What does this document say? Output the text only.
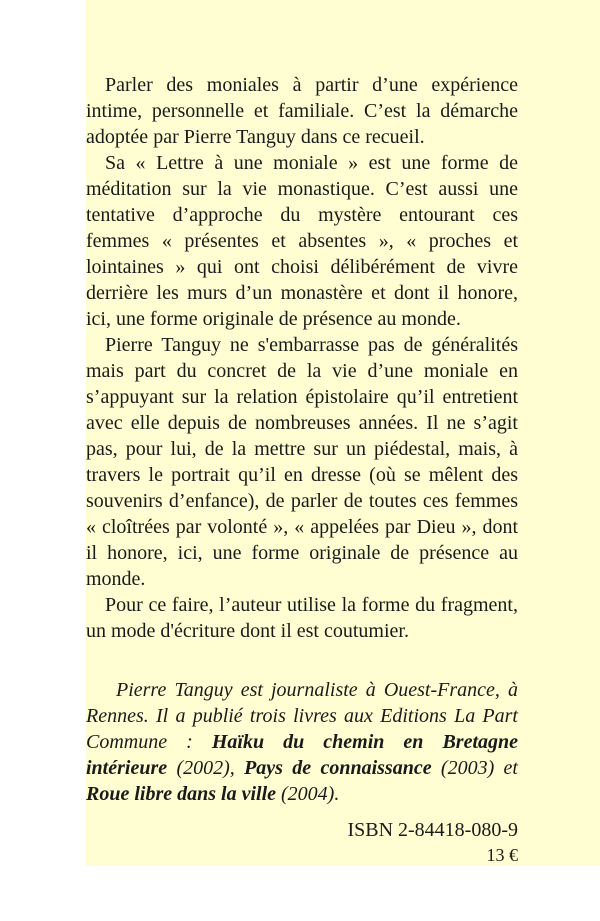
Parler des moniales à partir d’une expérience intime, personnelle et familiale. C’est la démarche adoptée par Pierre Tanguy dans ce recueil.

Sa « Lettre à une moniale » est une forme de méditation sur la vie monastique. C’est aussi une tentative d’approche du mystère entourant ces femmes « présentes et absentes », « proches et lointaines » qui ont choisi délibérément de vivre derrière les murs d’un monastère et dont il honore, ici, une forme originale de présence au monde.

Pierre Tanguy ne s'embarrasse pas de généralités mais part du concret de la vie d’une moniale en s’appuyant sur la relation épistolaire qu’il entretient avec elle depuis de nombreuses années. Il ne s’agit pas, pour lui, de la mettre sur un piédestal, mais, à travers le portrait qu’il en dresse (où se mêlent des souvenirs d’enfance), de parler de toutes ces femmes « cloîtrées par volonté », « appelées par Dieu », dont il honore, ici, une forme originale de présence au monde.

Pour ce faire, l’auteur utilise la forme du fragment, un mode d'écriture dont il est coutumier.

Pierre Tanguy est journaliste à Ouest-France, à Rennes. Il a publié trois livres aux Editions La Part Commune : Haïku du chemin en Bretagne intérieure (2002), Pays de connaissance (2003) et Roue libre dans la ville (2004).

ISBN 2-84418-080-9
13 €
